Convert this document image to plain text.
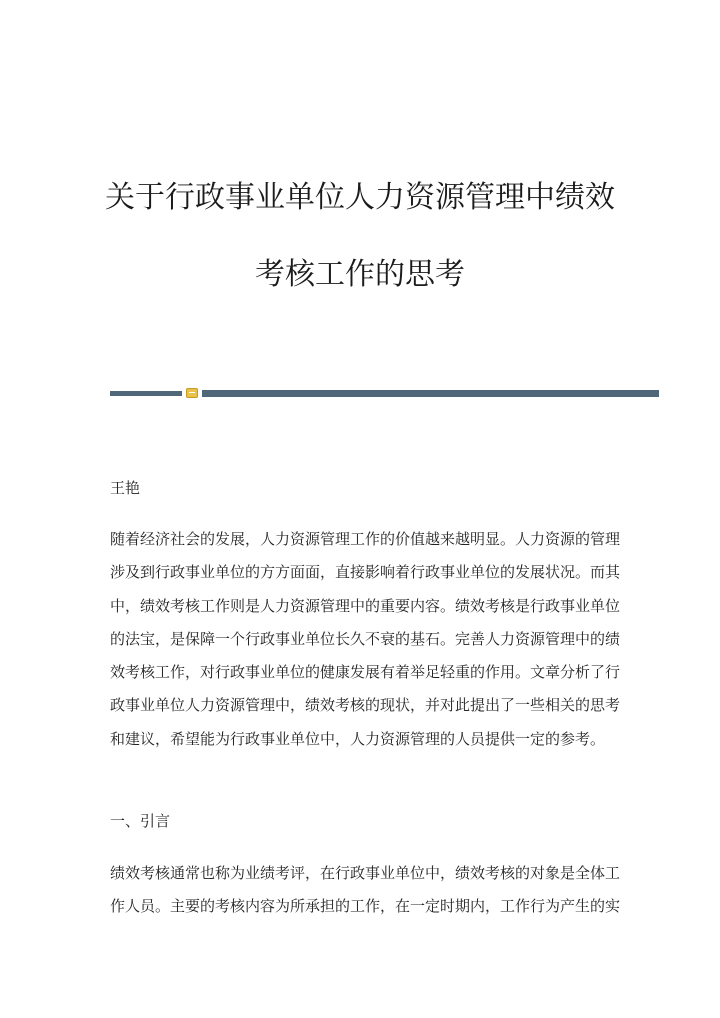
关于行政事业单位人力资源管理中绩效
考核工作的思考
王艳

随着经济社会的发展，人力资源管理工作的价值越来越明显。人力资源的管理
涉及到行政事业单位的方方面面，直接影响着行政事业单位的发展状况。而其
中，绩效考核工作则是人力资源管理中的重要内容。绩效考核是行政事业单位
的法宝，是保障一个行政事业单位长久不衰的基石。完善人力资源管理中的绩
效考核工作，对行政事业单位的健康发展有着举足轻重的作用。文章分析了行
政事业单位人力资源管理中，绩效考核的现状，并对此提出了一些相关的思考
和建议，希望能为行政事业单位中，人力资源管理的人员提供一定的参考。

一、引言

绩效考核通常也称为业绩考评，在行政事业单位中，绩效考核的对象是全体工
作人员。主要的考核内容为所承担的工作，在一定时期内，工作行为产生的实
